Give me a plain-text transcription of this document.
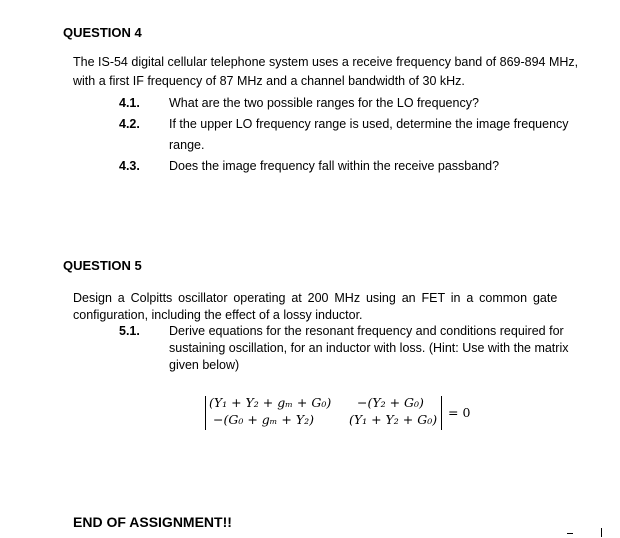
QUESTION 4
The IS-54 digital cellular telephone system uses a receive frequency band of 869-894 MHz,
with a first IF frequency of 87 MHz and a channel bandwidth of 30 kHz.
4.1. What are the two possible ranges for the LO frequency?
4.2. If the upper LO frequency range is used, determine the image frequency
range.
4.3. Does the image frequency fall within the receive passband?
QUESTION 5
Design a Colpitts oscillator operating at 200 MHz using an FET in a common gate
configuration, including the effect of a lossy inductor.
5.1. Derive equations for the resonant frequency and conditions required for
sustaining oscillation, for an inductor with loss. (Hint: Use with the matrix
given below)
(Y₁ + Y₂ + gₘ + G₀) −(Y₂ + G₀)
−(G₀ + gₘ + Y₂)	(Y₁ + Y₂ + G₀) = 0
END OF ASSIGNMENT!!
